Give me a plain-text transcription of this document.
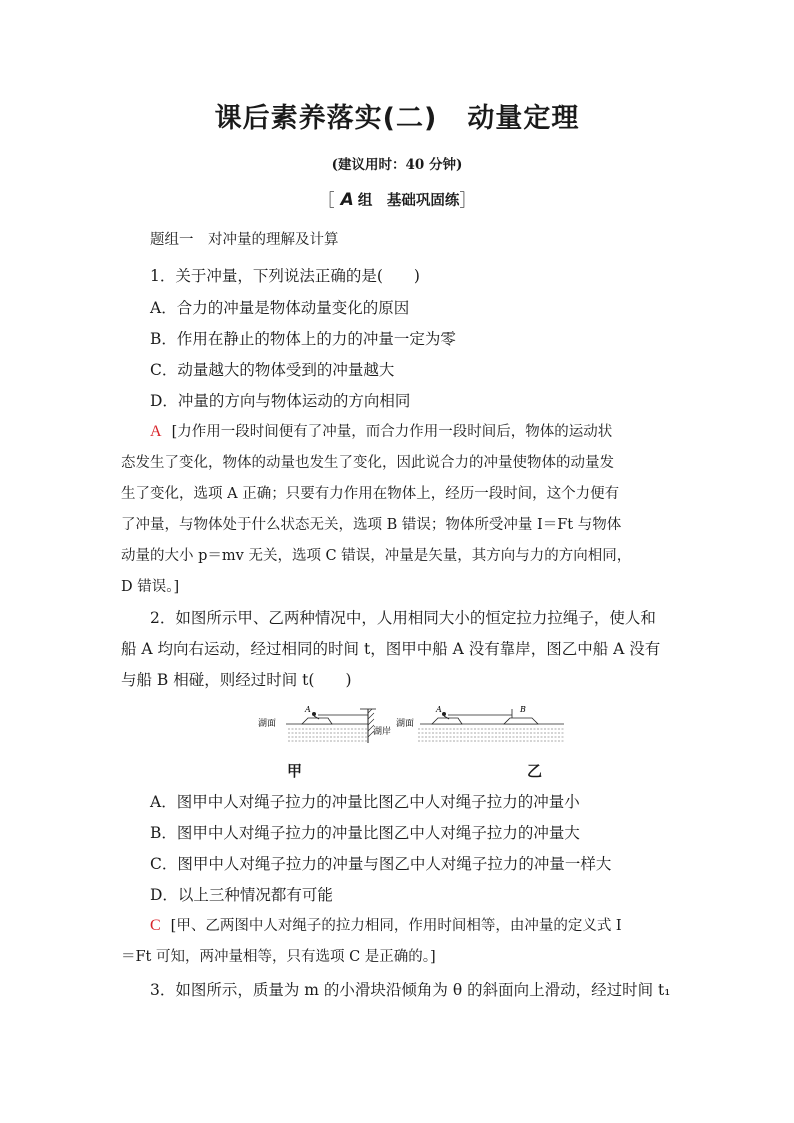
课后素养落实(二) 动量定理
(建议用时：40 分钟)
［ A 组　基础巩固练］
题组一　对冲量的理解及计算
1．关于冲量，下列说法正确的是(　　)
A．合力的冲量是物体动量变化的原因
B．作用在静止的物体上的力的冲量一定为零
C．动量越大的物体受到的冲量越大
D．冲量的方向与物体运动的方向相同
A [力作用一段时间便有了冲量，而合力作用一段时间后，物体的运动状
态发生了变化，物体的动量也发生了变化，因此说合力的冲量使物体的动量发
生了变化，选项 A 正确；只要有力作用在物体上，经历一段时间，这个力便有
了冲量，与物体处于什么状态无关，选项 B 错误；物体所受冲量 I＝Ft 与物体
动量的大小 p＝mv 无关，选项 C 错误，冲量是矢量，其方向与力的方向相同，
D 错误。]
2．如图所示甲、乙两种情况中，人用相同大小的恒定拉力拉绳子，使人和
船 A 均向右运动，经过相同的时间 t，图甲中船 A 没有靠岸，图乙中船 A 没有
与船 B 相碰，则经过时间 t(　　)
湖面
A
湖岸
湖面
A	B
甲	乙
A．图甲中人对绳子拉力的冲量比图乙中人对绳子拉力的冲量小
B．图甲中人对绳子拉力的冲量比图乙中人对绳子拉力的冲量大
C．图甲中人对绳子拉力的冲量与图乙中人对绳子拉力的冲量一样大
D．以上三种情况都有可能
C [甲、乙两图中人对绳子的拉力相同，作用时间相等，由冲量的定义式 I
＝Ft 可知，两冲量相等，只有选项 C 是正确的。]
3．如图所示，质量为 m 的小滑块沿倾角为 θ 的斜面向上滑动，经过时间 t₁
